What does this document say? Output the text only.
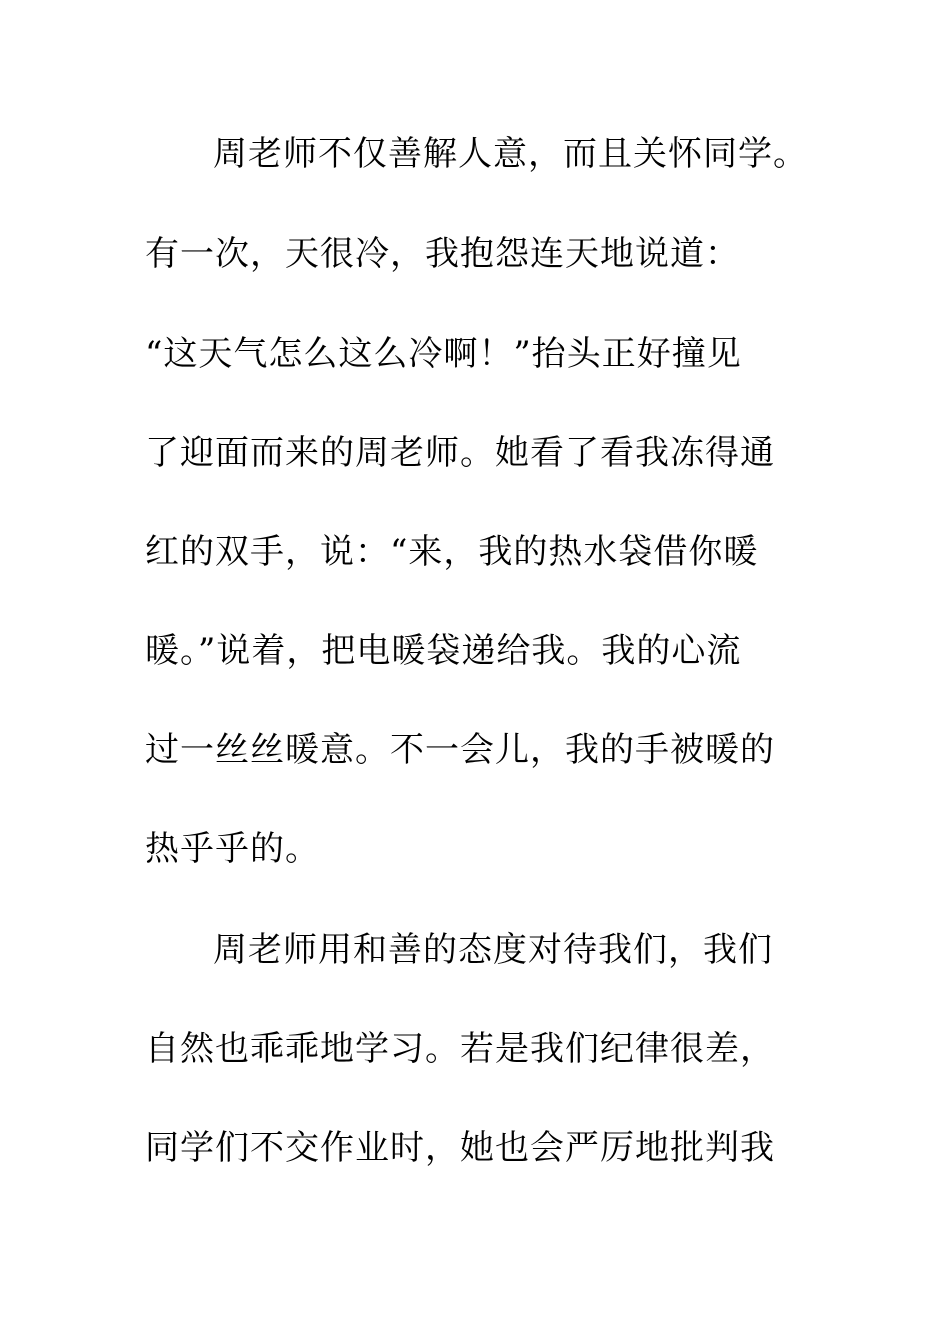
周老师不仅善解人意，而且关怀同学。
有一次，天很冷，我抱怨连天地说道：
“这天气怎么这么冷啊！”抬头正好撞见
了迎面而来的周老师。她看了看我冻得通
红的双手，说：“来，我的热水袋借你暖
暖。”说着，把电暖袋递给我。我的心流
过一丝丝暖意。不一会儿，我的手被暖的
热乎乎的。
周老师用和善的态度对待我们，我们
自然也乖乖地学习。若是我们纪律很差，
同学们不交作业时，她也会严厉地批判我
